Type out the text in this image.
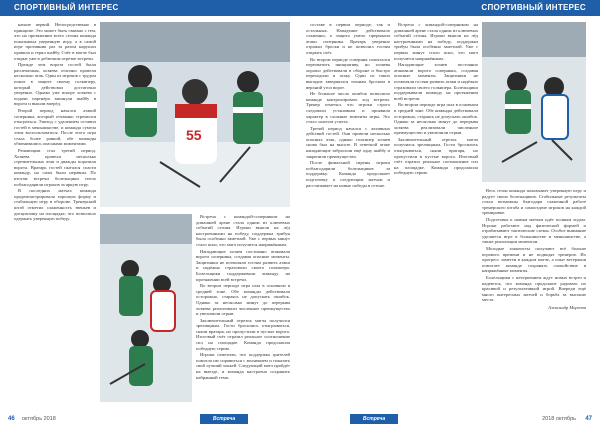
СПОРТИВНЫЙ ИНТЕРЕС

начале первой. Непосредственно в принципе. Это может быть связано с тем, что на протяжении всего сезона команда показывала уверенную игру, а в самой игре противник раз за разом нарушал правила и терял шайбу. Счёт в матче был открыт уже в дебютном отрезке встречи.

Прежде чем ворота гостей были распечатаны, хозяева отлично провели несколько атак. Один из игроков с трудом помог в защите своему голкиперу, который действовал достаточно уверенно. Однако уже вскоре хозяева с подачи партнёра закинули шайбу в ворота и вышли вперёд.

Второй период начался атакой соперника, который отчаянно стремился отыграться. Эпизод с удалением оставил гостей в меньшинстве, и команда сумела этим воспользоваться. После этого игра стала более равной, обе команды обменивались опасными моментами.

Решающим стал третий период. Хозяева провели несколько стремительных атак и дважды поразили ворота. Вратарь гостей пытался спасти команду, но силы были неравны. По итогам встречи болельщики тепло поблагодарили игроков за яркую игру.

В последних матчах команда продемонстрировала хорошую форму и стабильную игру в обороне. Тренерский штаб отметил слаженность звеньев и дисциплину на площадке, что позволило одержать уверенную победу.

55

Встреча с командой-соперником на домашней арене стала одним из ключевых событий сезона. Игроки вышли на лёд настроенными на победу, поддержка трибун была особенно заметной. Уже с первых минут стало ясно, что матч получится напряжённым.

Нападающие хозяев постоянно атаковали ворота соперника, создавая опасные моменты. Защитники не позволяли гостям развить атаки и надёжно страховали своего голкипера. Болельщики поддерживали команду на протяжении всей встречи.

Во втором периоде игра шла в основном в средней зоне. Обе команды действовали осторожно, стараясь не допускать ошибок. Однако за несколько минут до перерыва хозяева реализовали численное преимущество и увеличили отрыв.

Заключительный отрезок матча получился зрелищным. Гости бросились отыгрываться, сняли вратаря, но пропустили в пустые ворота. Итоговый счёт отразил реальное соотношение сил на площадке. Команда продолжила победную серию.

Игроки отметили, что поддержка зрителей помогла им справиться с волнением и показать свой лучший хоккей. Следующий матч пройдёт на выезде, и команда настроена сохранить набранный темп.

46 октябрь 2018	Встреча
СПОРТИВНЫЙ ИНТЕРЕС

составе в первом периоде, так и остальных. Нападение действовало слаженно, а защита умело прерывала атаки соперника. Вратарь уверенно отражал броски и не позволил гостям открыть счёт.

Во втором периоде соперник попытался перехватить инициативу, но хозяева хорошо действовали в обороне и быстро переходили в атаку. Один из таких выпадов завершился точным броском в верхний угол ворот.

Не большое число ошибок позволило команде контролировать ход встречи. Тренер отметил, что игроки строго следовали установкам и проявили характер в сложные моменты игры. Это стало залогом успеха.

Третий период начался с активных действий гостей. Они провели несколько опасных атак, однако голкипер хозяев снова был на высоте. В ответной атаке нападающие забросили ещё одну шайбу и закрепили преимущество.

После финальной сирены игроки поблагодарили болельщиков за поддержку. Команда продолжает подготовку к следующим матчам и рассчитывает на новые победы в сезоне.

Встреча с командой-соперником на домашней арене стала одним из ключевых событий сезона. Игроки вышли на лёд настроенными на победу, поддержка трибун была особенно заметной. Уже с первых минут стало ясно, что матч получится напряжённым.

Нападающие хозяев постоянно атаковали ворота соперника, создавая опасные моменты. Защитники не позволяли гостям развить атаки и надёжно страховали своего голкипера. Болельщики поддерживали команду на протяжении всей встречи.

Во втором периоде игра шла в основном в средней зоне. Обе команды действовали осторожно, стараясь не допускать ошибок. Однако за несколько минут до перерыва хозяева реализовали численное преимущество и увеличили отрыв.

Заключительный отрезок матча получился зрелищным. Гости бросились отыгрываться, сняли вратаря, но пропустили в пустые ворота. Итоговый счёт отразил реальное соотношение сил на площадке. Команда продолжила победную серию.

Весь сезон команда показывает уверенную игру и радует своих болельщиков. Стабильные результаты стали возможны благодаря слаженной работе тренерского штаба и самоотдаче игроков на каждой тренировке.

Подготовка к новым матчам идёт полным ходом. Игроки работают над физической формой и отрабатывают тактические схемы. Особое внимание уделяется игре в большинстве и меньшинстве, а также реализации моментов.

Молодые хоккеисты получают всё больше игрового времени и не подводят тренеров. Их прогресс заметен в каждом матче, а опыт ветеранов помогает команде сохранять спокойствие в напряжённые моменты.

Болельщики с нетерпением ждут новых встреч и надеются, что команда продолжит радовать их красивой и результативной игрой. Впереди ещё много интересных матчей и борьба за высокие места.

Александр Морозов
Встреча	2018 октябрь 47
